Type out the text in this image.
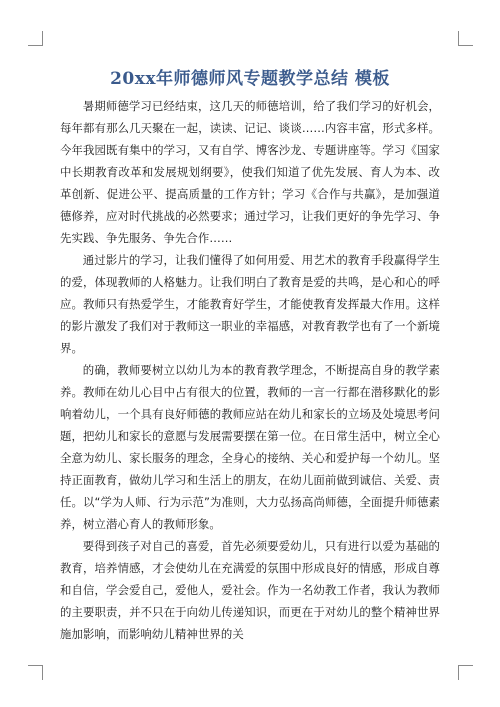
20xx年师德师风专题教学总结 模板

暑期师德学习已经结束，这几天的师德培训，给了我们学习的好机会，每年都有那么几天聚在一起，读读、记记、谈谈……内容丰富，形式多样。今年我园既有集中的学习，又有自学、博客沙龙、专题讲座等。学习《国家中长期教育改革和发展规划纲要》，使我们知道了优先发展、育人为本、改革创新、促进公平、提高质量的工作方针；学习《合作与共赢》，是加强道德修养，应对时代挑战的必然要求；通过学习，让我们更好的争先学习、争先实践、争先服务、争先合作……

通过影片的学习，让我们懂得了如何用爱、用艺术的教育手段赢得学生的爱，体现教师的人格魅力。让我们明白了教育是爱的共鸣，是心和心的呼应。教师只有热爱学生，才能教育好学生，才能使教育发挥最大作用。这样的影片激发了我们对于教师这一职业的幸福感，对教育教学也有了一个新境界。

的确，教师要树立以幼儿为本的教育教学理念，不断提高自身的教学素养。教师在幼儿心目中占有很大的位置，教师的一言一行都在潜移默化的影响着幼儿，一个具有良好师德的教师应站在幼儿和家长的立场及处境思考问题，把幼儿和家长的意愿与发展需要摆在第一位。在日常生活中，树立全心全意为幼儿、家长服务的理念，全身心的接纳、关心和爱护每一个幼儿。坚持正面教育，做幼儿学习和生活上的朋友，在幼儿面前做到诚信、关爱、责任。以“学为人师、行为示范”为准则，大力弘扬高尚师德，全面提升师德素养，树立潜心育人的教师形象。

要得到孩子对自己的喜爱，首先必须要爱幼儿，只有进行以爱为基础的教育，培养情感，才会使幼儿在充满爱的氛围中形成良好的情感，形成自尊和自信，学会爱自己，爱他人，爱社会。作为一名幼教工作者，我认为教师的主要职责，并不只在于向幼儿传递知识，而更在于对幼儿的整个精神世界施加影响，而影响幼儿精神世界的关
